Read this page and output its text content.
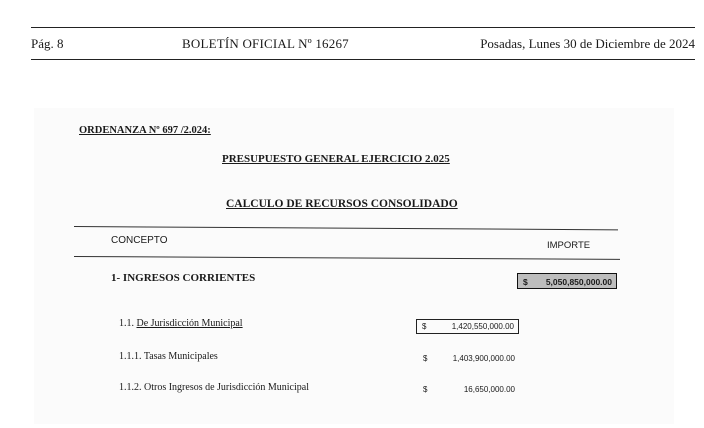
Pág. 8	BOLETÍN OFICIAL Nº 16267	Posadas, Lunes 30 de Diciembre de 2024
ORDENANZA Nº 697 /2.024:
PRESUPUESTO GENERAL EJERCICIO 2.025
CALCULO DE RECURSOS CONSOLIDADO
CONCEPTO	IMPORTE
1- INGRESOS CORRIENTES	$ 5,050,850,000.00
1.1. De Jurisdicción Municipal	$	1,420,550,000.00
1.1.1. Tasas Municipales	$	1,403,900,000.00
1.1.2. Otros Ingresos de Jurisdicción Municipal	$	16,650,000.00
